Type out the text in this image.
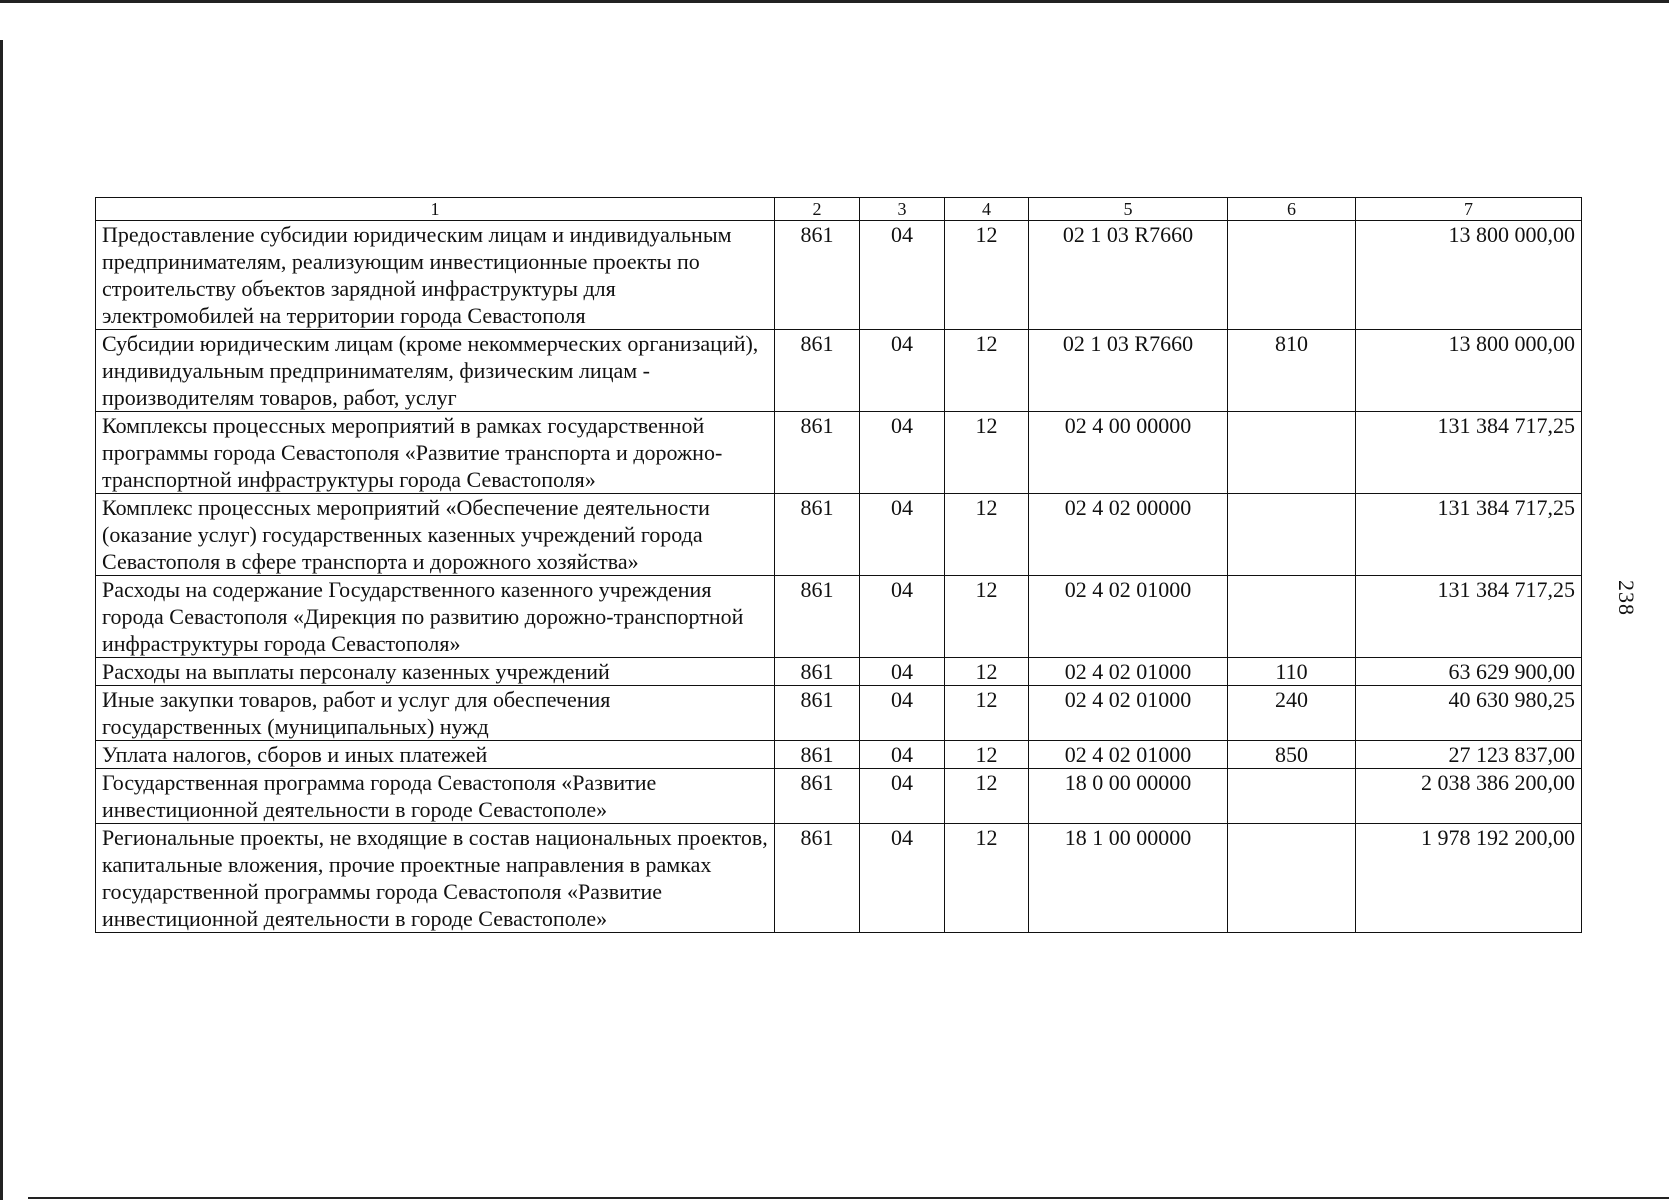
238
1	2	3	4	5	6	7
Предоставление субсидии юридическим лицам и индивидуальным предпринимателям, реализующим инвестиционные проекты по строительству объектов зарядной инфраструктуры для электромобилей на территории города Севастополя	861	04	12	02 1 03 R7660		13 800 000,00
Субсидии юридическим лицам (кроме некоммерческих организаций), индивидуальным предпринимателям, физическим лицам - производителям товаров, работ, услуг	861	04	12	02 1 03 R7660	810	13 800 000,00
Комплексы процессных мероприятий в рамках государственной программы города Севастополя «Развитие транспорта и дорожно-транспортной инфраструктуры города Севастополя»	861	04	12	02 4 00 00000		131 384 717,25
Комплекс процессных мероприятий «Обеспечение деятельности (оказание услуг) государственных казенных учреждений города Севастополя в сфере транспорта и дорожного хозяйства»	861	04	12	02 4 02 00000		131 384 717,25
Расходы на содержание Государственного казенного учреждения города Севастополя «Дирекция по развитию дорожно-транспортной инфраструктуры города Севастополя»	861	04	12	02 4 02 01000		131 384 717,25
Расходы на выплаты персоналу казенных учреждений	861	04	12	02 4 02 01000	110	63 629 900,00
Иные закупки товаров, работ и услуг для обеспечения государственных (муниципальных) нужд	861	04	12	02 4 02 01000	240	40 630 980,25
Уплата налогов, сборов и иных платежей	861	04	12	02 4 02 01000	850	27 123 837,00
Государственная программа города Севастополя «Развитие инвестиционной деятельности в городе Севастополе»	861	04	12	18 0 00 00000		2 038 386 200,00
Региональные проекты, не входящие в состав национальных проектов, капитальные вложения, прочие проектные направления в рамках государственной программы города Севастополя «Развитие инвестиционной деятельности в городе Севастополе»	861	04	12	18 1 00 00000		1 978 192 200,00
